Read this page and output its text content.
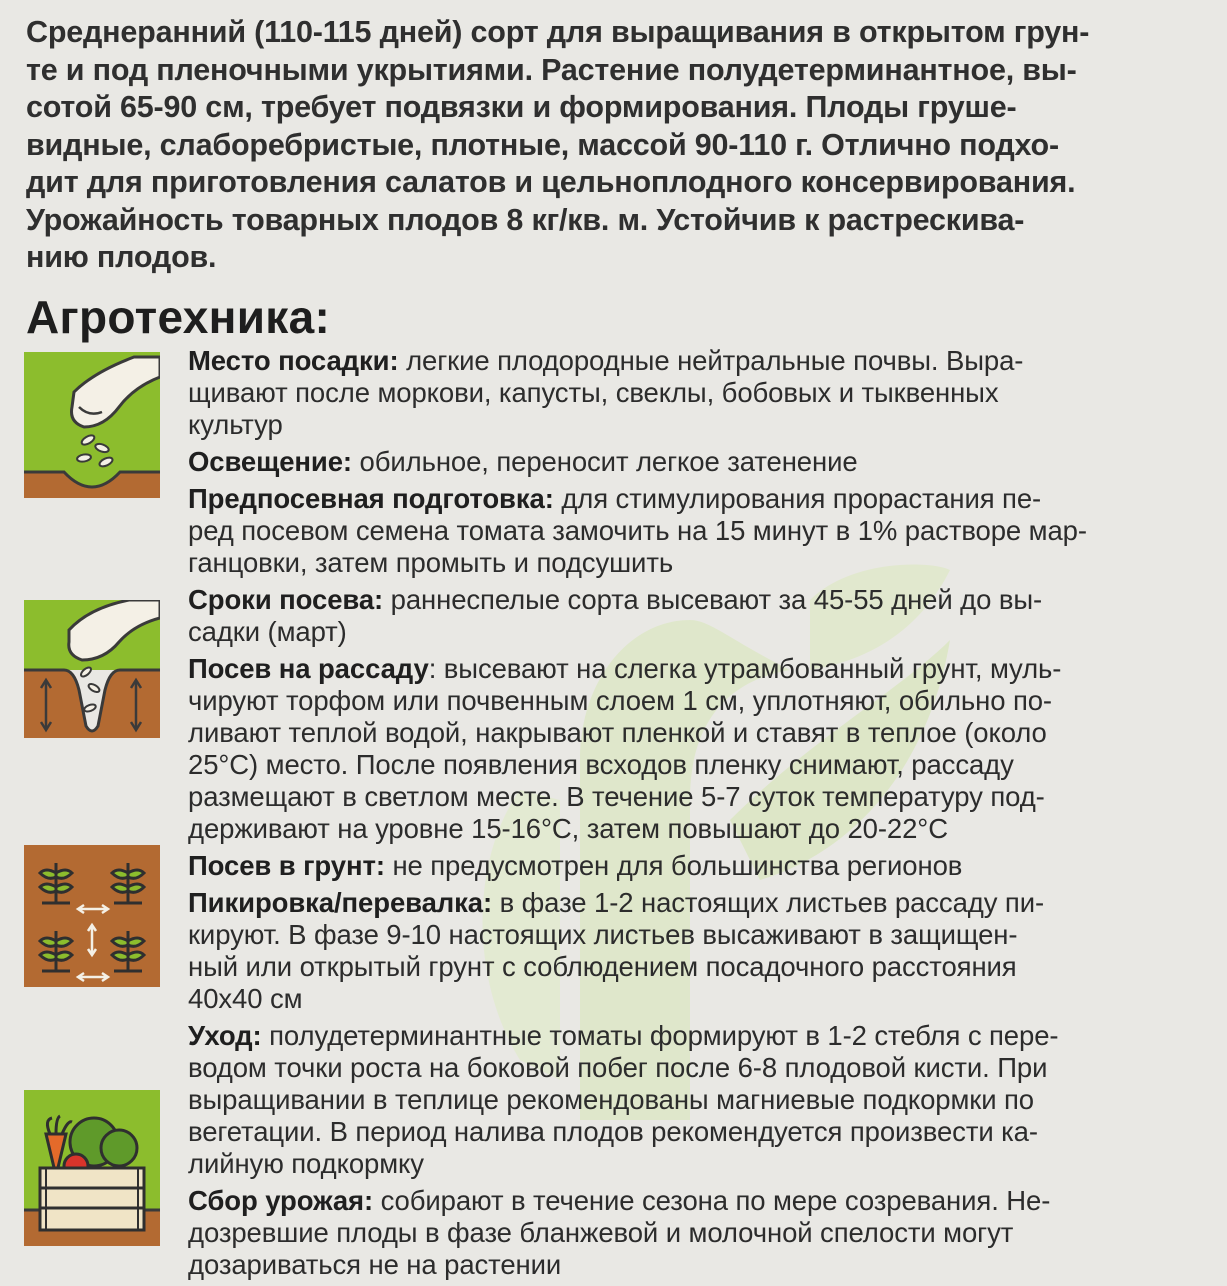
Среднеранний (110-115 дней) сорт для выращивания в открытом грун-

те и под пленочными укрытиями. Растение полудетерминантное, вы-

сотой 65-90 см, требует подвязки и формирования. Плоды груше-

видные, слаборебристые, плотные, массой 90-110 г. Отлично подхо-

дит для приготовления салатов и цельноплодного консервирования.

Урожайность товарных плодов 8 кг/кв. м. Устойчив к растрескива-

нию плодов.

Агротехника:
Место посадки: легкие плодородные нейтральные почвы. Выра-
щивают после моркови, капусты, свеклы, бобовых и тыквенных
культур
Освещение: обильное, переносит легкое затенение
Предпосевная подготовка: для стимулирования прорастания пе-
ред посевом семена томата замочить на 15 минут в 1% растворе мар-
ганцовки, затем промыть и подсушить
Сроки посева: раннеспелые сорта высевают за 45-55 дней до вы-
садки (март)
Посев на рассаду: высевают на слегка утрамбованный грунт, муль-
чируют торфом или почвенным слоем 1 см, уплотняют, обильно по-
ливают теплой водой, накрывают пленкой и ставят в теплое (около
25°C) место. После появления всходов пленку снимают, рассаду
размещают в светлом месте. В течение 5-7 суток температуру под-
держивают на уровне 15-16°C, затем повышают до 20-22°C
Посев в грунт: не предусмотрен для большинства регионов
Пикировка/перевалка: в фазе 1-2 настоящих листьев рассаду пи-
кируют. В фазе 9-10 настоящих листьев высаживают в защищен-
ный или открытый грунт с соблюдением посадочного расстояния
40х40 см
Уход: полудетерминантные томаты формируют в 1-2 стебля с пере-
водом точки роста на боковой побег после 6-8 плодовой кисти. При
выращивании в теплице рекомендованы магниевые подкормки по
вегетации. В период налива плодов рекомендуется произвести ка-
лийную подкормку
Сбор урожая: собирают в течение сезона по мере созревания. Не-
дозревшие плоды в фазе бланжевой и молочной спелости могут
дозариваться не на растении
